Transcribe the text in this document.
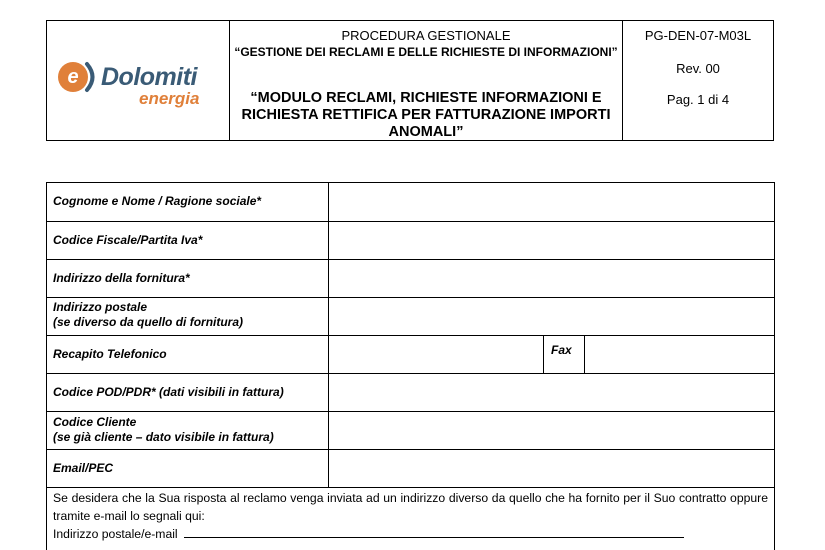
e Dolomiti
energia
PROCEDURA GESTIONALE
“GESTIONE DEI RECLAMI E DELLE RICHIESTE DI INFORMAZIONI”
“MODULO RECLAMI, RICHIESTE INFORMAZIONI E RICHIESTA RETTIFICA PER FATTURAZIONE IMPORTI ANOMALI”
PG-DEN-07-M03L
Rev. 00
Pag. 1 di 4
Cognome e Nome / Ragione sociale*
Codice Fiscale/Partita Iva*
Indirizzo della fornitura*
Indirizzo postale
(se diverso da quello di fornitura)
Recapito Telefonico
Codice POD/PDR* (dati visibili in fattura)
Codice Cliente
(se già cliente – dato visibile in fattura)
Email/PEC
Fax
Se desidera che la Sua risposta al reclamo venga inviata ad un indirizzo diverso da quello che ha fornito per il Suo contratto oppure tramite e-mail lo segnali qui:
Indirizzo postale/e-mail
